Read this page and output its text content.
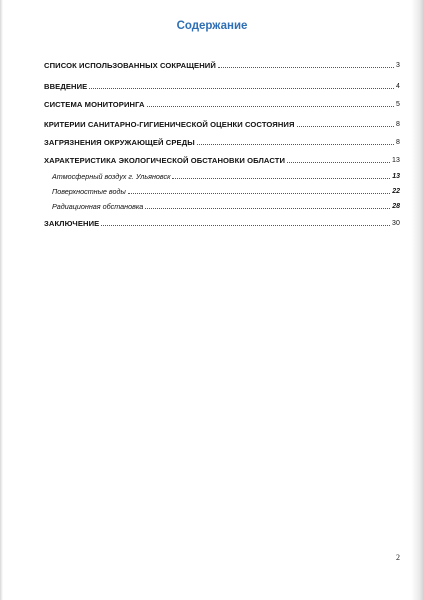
Содержание
СПИСОК ИСПОЛЬЗОВАННЫХ СОКРАЩЕНИЙ	3
ВВЕДЕНИЕ	4
СИСТЕМА МОНИТОРИНГА	5
КРИТЕРИИ САНИТАРНО-ГИГИЕНИЧЕСКОЙ ОЦЕНКИ СОСТОЯНИЯ	8
ЗАГРЯЗНЕНИЯ ОКРУЖАЮЩЕЙ СРЕДЫ	8
ХАРАКТЕРИСТИКА ЭКОЛОГИЧЕСКОЙ ОБСТАНОВКИ ОБЛАСТИ	13
Атмосферный воздух г. Ульяновск	13
Поверхностные воды	22
Радиационная обстановка	28
ЗАКЛЮЧЕНИЕ	30
2
